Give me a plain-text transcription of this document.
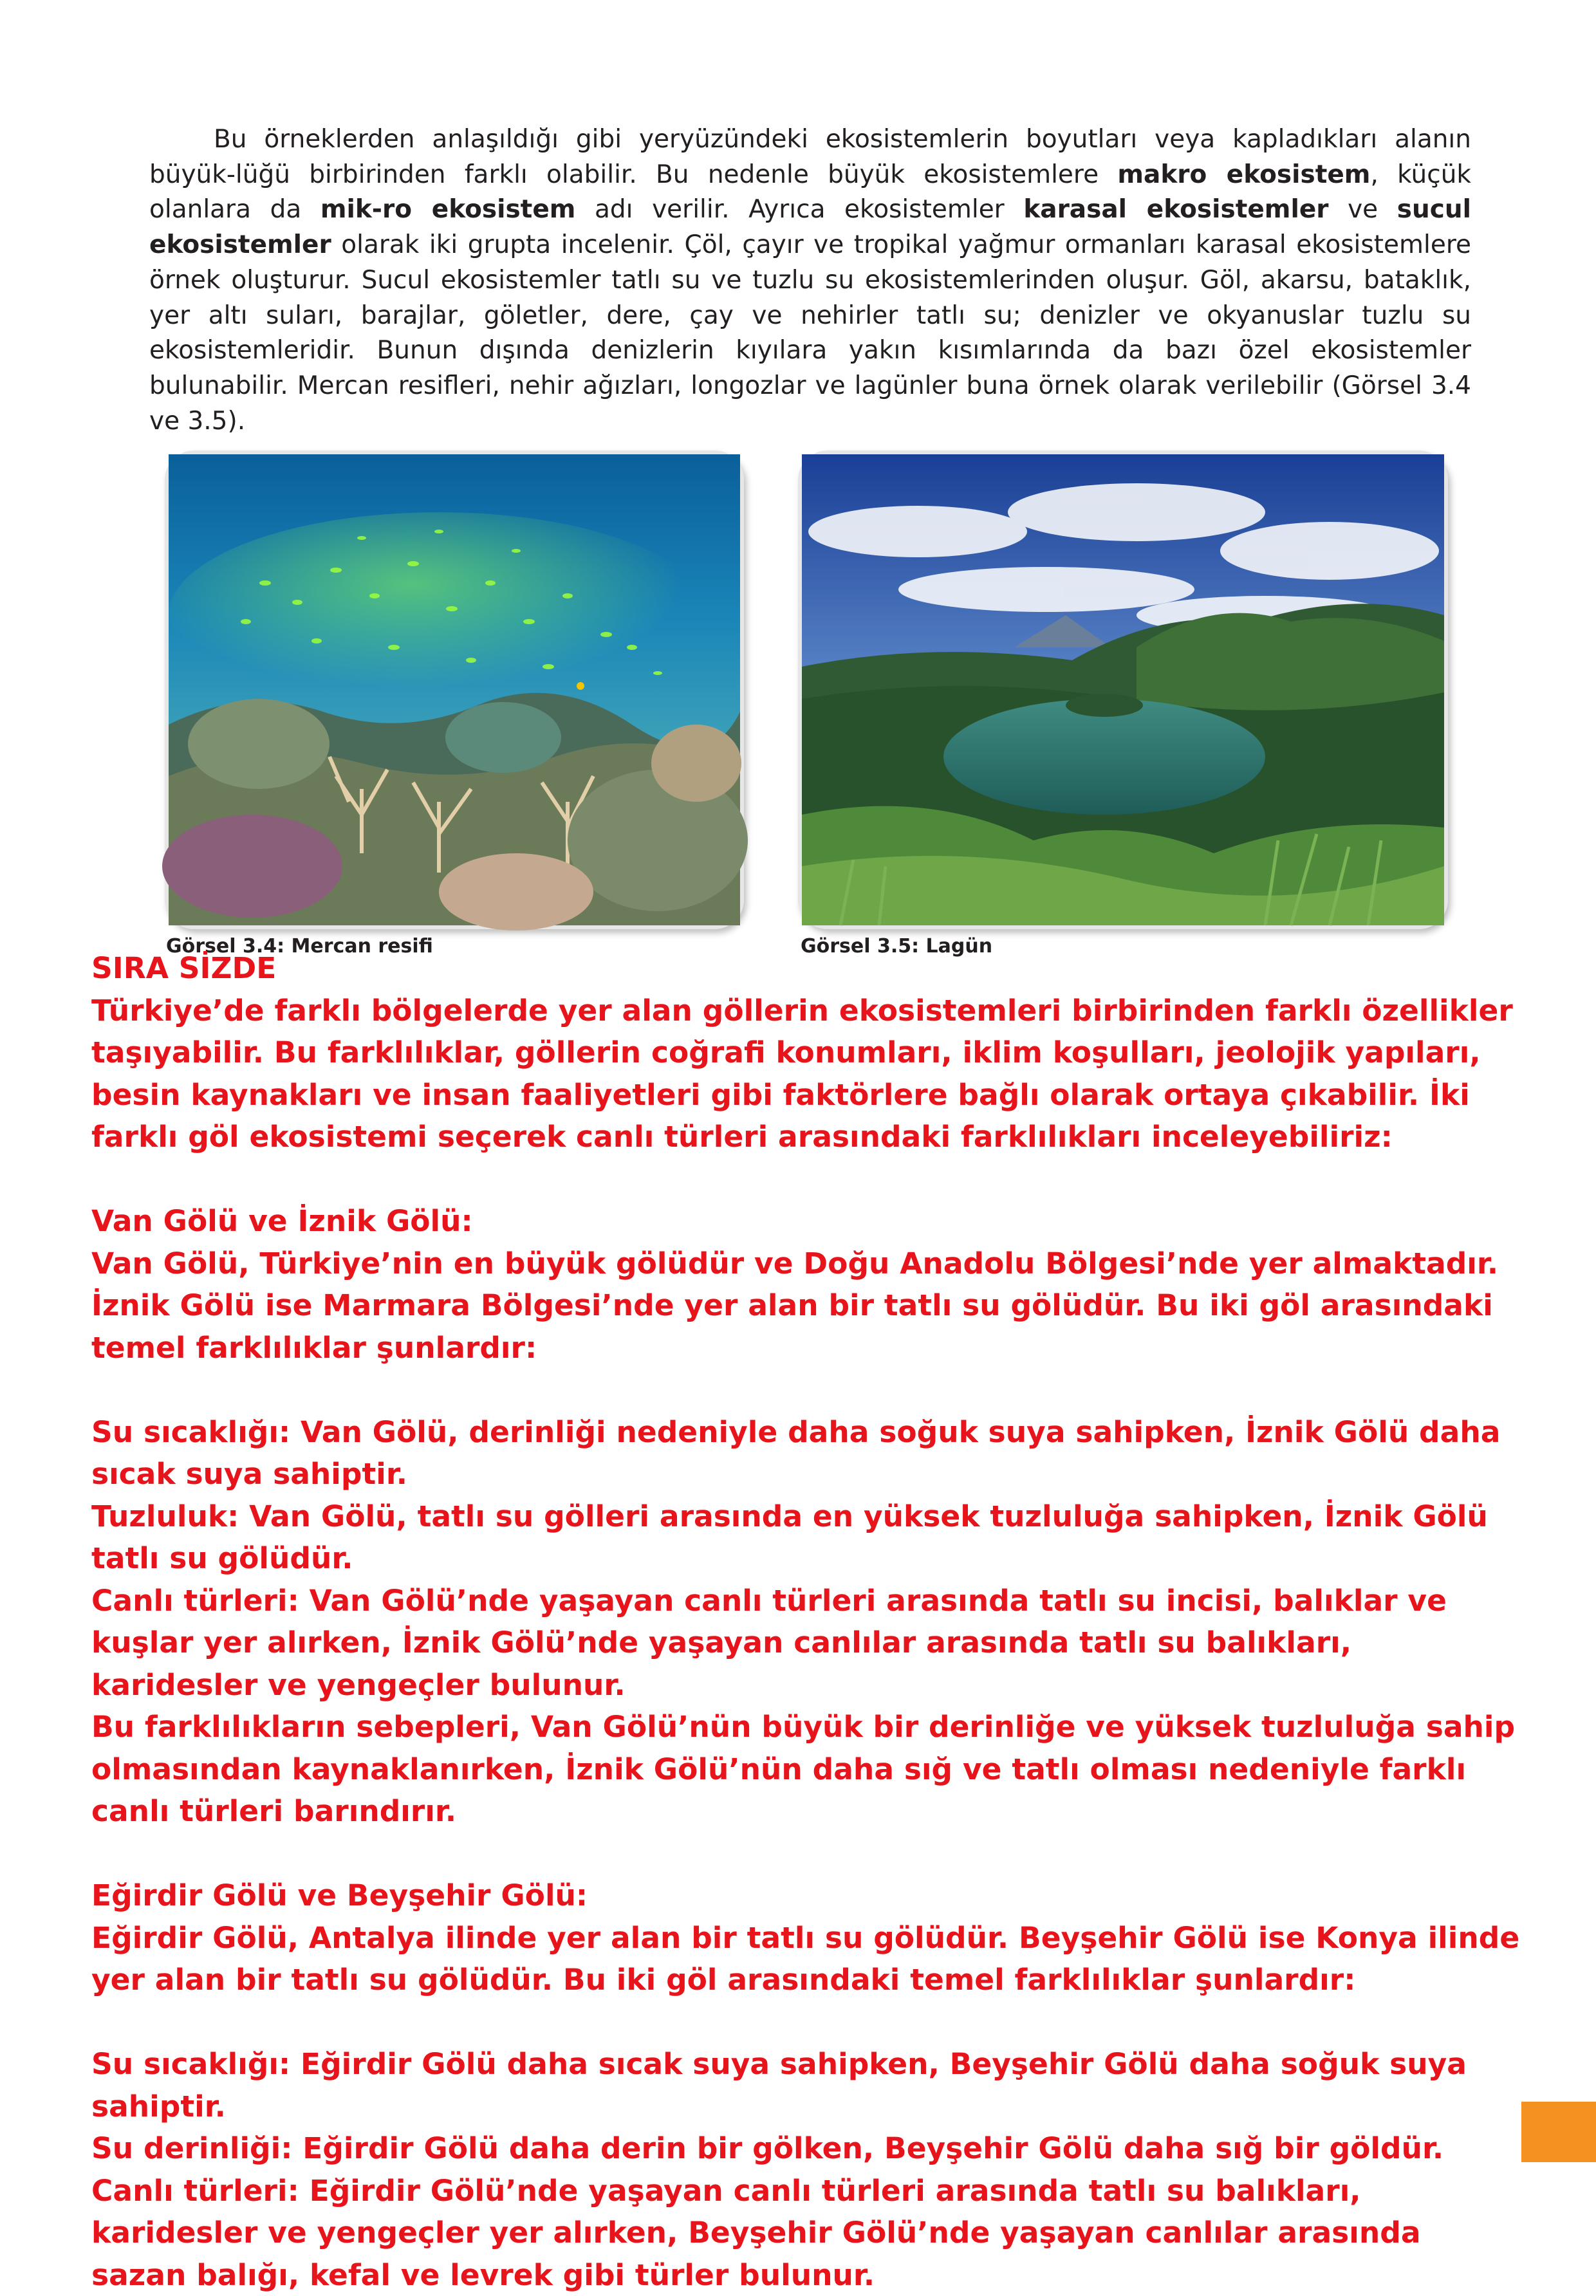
Bu örneklerden anlaşıldığı gibi yeryüzündeki ekosistemlerin boyutları veya kapladıkları alanın büyük-lüğü birbirinden farklı olabilir. Bu nedenle büyük ekosistemlere makro ekosistem, küçük olanlara da mik-ro ekosistem adı verilir. Ayrıca ekosistemler karasal ekosistemler ve sucul ekosistemler olarak iki grupta incelenir. Çöl, çayır ve tropikal yağmur ormanları karasal ekosistemlere örnek oluşturur. Sucul ekosistemler tatlı su ve tuzlu su ekosistemlerinden oluşur. Göl, akarsu, bataklık, yer altı suları, barajlar, göletler, dere, çay ve nehirler tatlı su; denizler ve okyanuslar tuzlu su ekosistemleridir. Bunun dışında denizlerin kıyılara yakın kısımlarında da bazı özel ekosistemler bulunabilir. Mercan resifleri, nehir ağızları, longozlar ve lagünler buna örnek olarak verilebilir (Görsel 3.4 ve 3.5).

Görsel 3.4: Mercan resifi	Görsel 3.5: Lagün

SIRA SİZDE

Türkiye’de farklı bölgelerde yer alan göllerin ekosistemleri birbirinden farklı özellikler taşıyabilir. Bu farklılıklar, göllerin coğrafi konumları, iklim koşulları, jeolojik yapıları, besin kaynakları ve insan faaliyetleri gibi faktörlere bağlı olarak ortaya çıkabilir. İki farklı göl ekosistemi seçerek canlı türleri arasındaki farklılıkları inceleyebiliriz:

Van Gölü ve İznik Gölü:

Van Gölü, Türkiye’nin en büyük gölüdür ve Doğu Anadolu Bölgesi’nde yer almaktadır. İznik Gölü ise Marmara Bölgesi’nde yer alan bir tatlı su gölüdür. Bu iki göl arasındaki temel farklılıklar şunlardır:

Su sıcaklığı: Van Gölü, derinliği nedeniyle daha soğuk suya sahipken, İznik Gölü daha sıcak suya sahiptir.

Tuzluluk: Van Gölü, tatlı su gölleri arasında en yüksek tuzluluğa sahipken, İznik Gölü tatlı su gölüdür.

Canlı türleri: Van Gölü’nde yaşayan canlı türleri arasında tatlı su incisi, balıklar ve kuşlar yer alırken, İznik Gölü’nde yaşayan canlılar arasında tatlı su balıkları, karidesler ve yengeçler bulunur.

Bu farklılıkların sebepleri, Van Gölü’nün büyük bir derinliğe ve yüksek tuzluluğa sahip olmasından kaynaklanırken, İznik Gölü’nün daha sığ ve tatlı olması nedeniyle farklı canlı türleri barındırır.

Eğirdir Gölü ve Beyşehir Gölü:

Eğirdir Gölü, Antalya ilinde yer alan bir tatlı su gölüdür. Beyşehir Gölü ise Konya ilinde yer alan bir tatlı su gölüdür. Bu iki göl arasındaki temel farklılıklar şunlardır:

Su sıcaklığı: Eğirdir Gölü daha sıcak suya sahipken, Beyşehir Gölü daha soğuk suya sahiptir.

Su derinliği: Eğirdir Gölü daha derin bir gölken, Beyşehir Gölü daha sığ bir göldür.

Canlı türleri: Eğirdir Gölü’nde yaşayan canlı türleri arasında tatlı su balıkları, karidesler ve yengeçler yer alırken, Beyşehir Gölü’nde yaşayan canlılar arasında sazan balığı, kefal ve levrek gibi türler bulunur.
